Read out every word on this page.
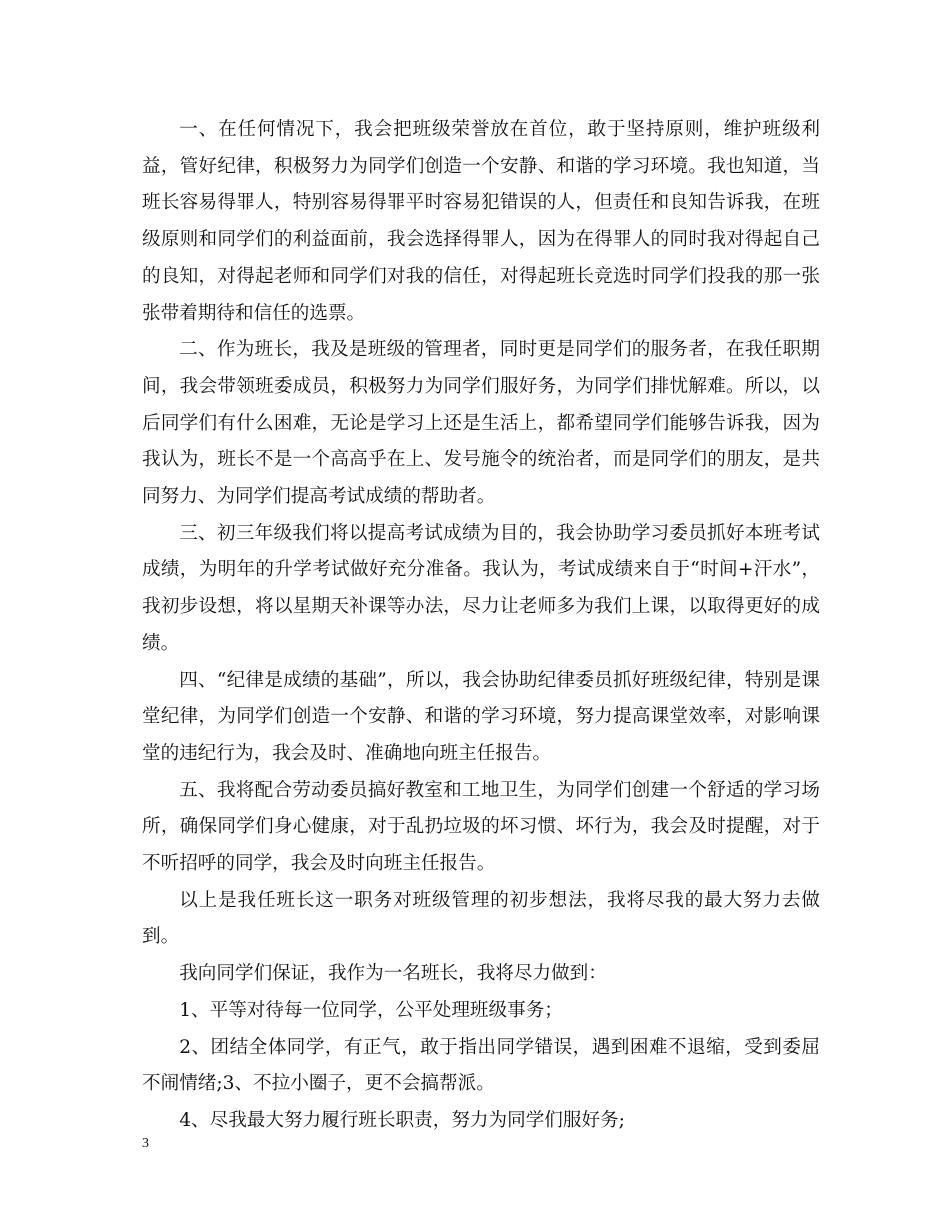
一、在任何情况下，我会把班级荣誉放在首位，敢于坚持原则，维护班级利益，管好纪律，积极努力为同学们创造一个安静、和谐的学习环境。我也知道，当班长容易得罪人，特别容易得罪平时容易犯错误的人，但责任和良知告诉我，在班级原则和同学们的利益面前，我会选择得罪人，因为在得罪人的同时我对得起自己的良知，对得起老师和同学们对我的信任，对得起班长竞选时同学们投我的那一张张带着期待和信任的选票。

二、作为班长，我及是班级的管理者，同时更是同学们的服务者，在我任职期间，我会带领班委成员，积极努力为同学们服好务，为同学们排忧解难。所以，以后同学们有什么困难，无论是学习上还是生活上，都希望同学们能够告诉我，因为我认为，班长不是一个高高乎在上、发号施令的统治者，而是同学们的朋友，是共同努力、为同学们提高考试成绩的帮助者。

三、初三年级我们将以提高考试成绩为目的，我会协助学习委员抓好本班考试成绩，为明年的升学考试做好充分准备。我认为，考试成绩来自于“时间+汗水”，我初步设想，将以星期天补课等办法，尽力让老师多为我们上课，以取得更好的成绩。

四、“纪律是成绩的基础”，所以，我会协助纪律委员抓好班级纪律，特别是课堂纪律，为同学们创造一个安静、和谐的学习环境，努力提高课堂效率，对影响课堂的违纪行为，我会及时、准确地向班主任报告。

五、我将配合劳动委员搞好教室和工地卫生，为同学们创建一个舒适的学习场所，确保同学们身心健康，对于乱扔垃圾的坏习惯、坏行为，我会及时提醒，对于不听招呼的同学，我会及时向班主任报告。

以上是我任班长这一职务对班级管理的初步想法，我将尽我的最大努力去做到。

我向同学们保证，我作为一名班长，我将尽力做到：

1、平等对待每一位同学，公平处理班级事务；

2、团结全体同学，有正气，敢于指出同学错误，遇到困难不退缩，受到委屈不闹情绪;3、不拉小圈子，更不会搞帮派。

4、尽我最大努力履行班长职责，努力为同学们服好务;

3
